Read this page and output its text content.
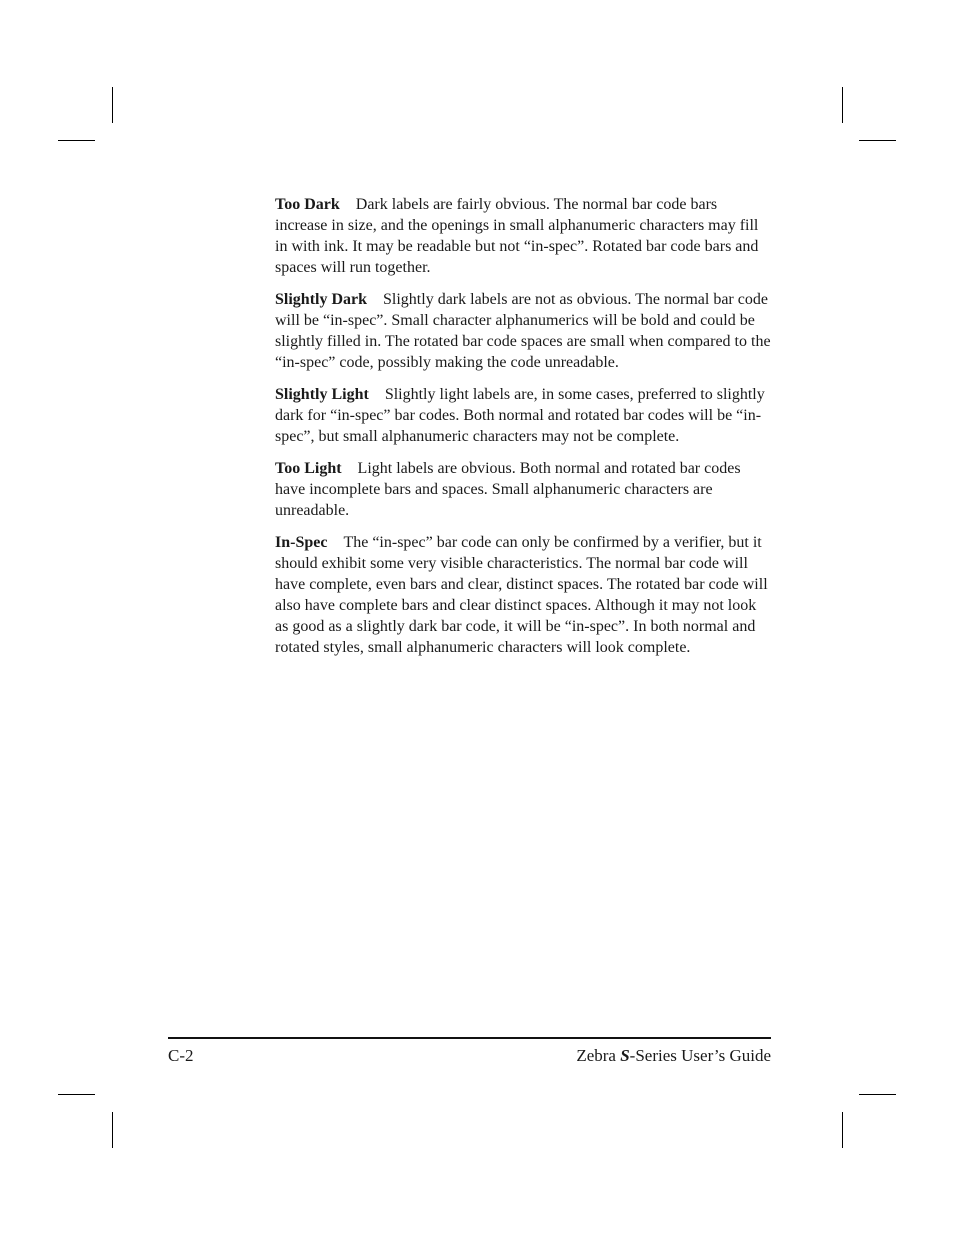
Too Dark Dark labels are fairly obvious. The normal bar code bars increase in size, and the openings in small alphanumeric characters may fill in with ink. It may be readable but not “in-spec”. Rotated bar code bars and spaces will run together.

Slightly Dark Slightly dark labels are not as obvious. The normal bar code will be “in-spec”. Small character alphanumerics will be bold and could be slightly filled in. The rotated bar code spaces are small when compared to the “in-spec” code, possibly making the code unreadable.

Slightly Light Slightly light labels are, in some cases, preferred to slightly dark for “in-spec” bar codes. Both normal and rotated bar codes will be “in-spec”, but small alphanumeric characters may not be complete.

Too Light Light labels are obvious. Both normal and rotated bar codes have incomplete bars and spaces. Small alphanumeric characters are unreadable.

In-Spec The “in-spec” bar code can only be confirmed by a verifier, but it should exhibit some very visible characteristics. The normal bar code will have complete, even bars and clear, distinct spaces. The rotated bar code will also have complete bars and clear distinct spaces. Although it may not look as good as a slightly dark bar code, it will be “in-spec”. In both normal and rotated styles, small alphanumeric characters will look complete.

C-2	Zebra S-Series User’s Guide
